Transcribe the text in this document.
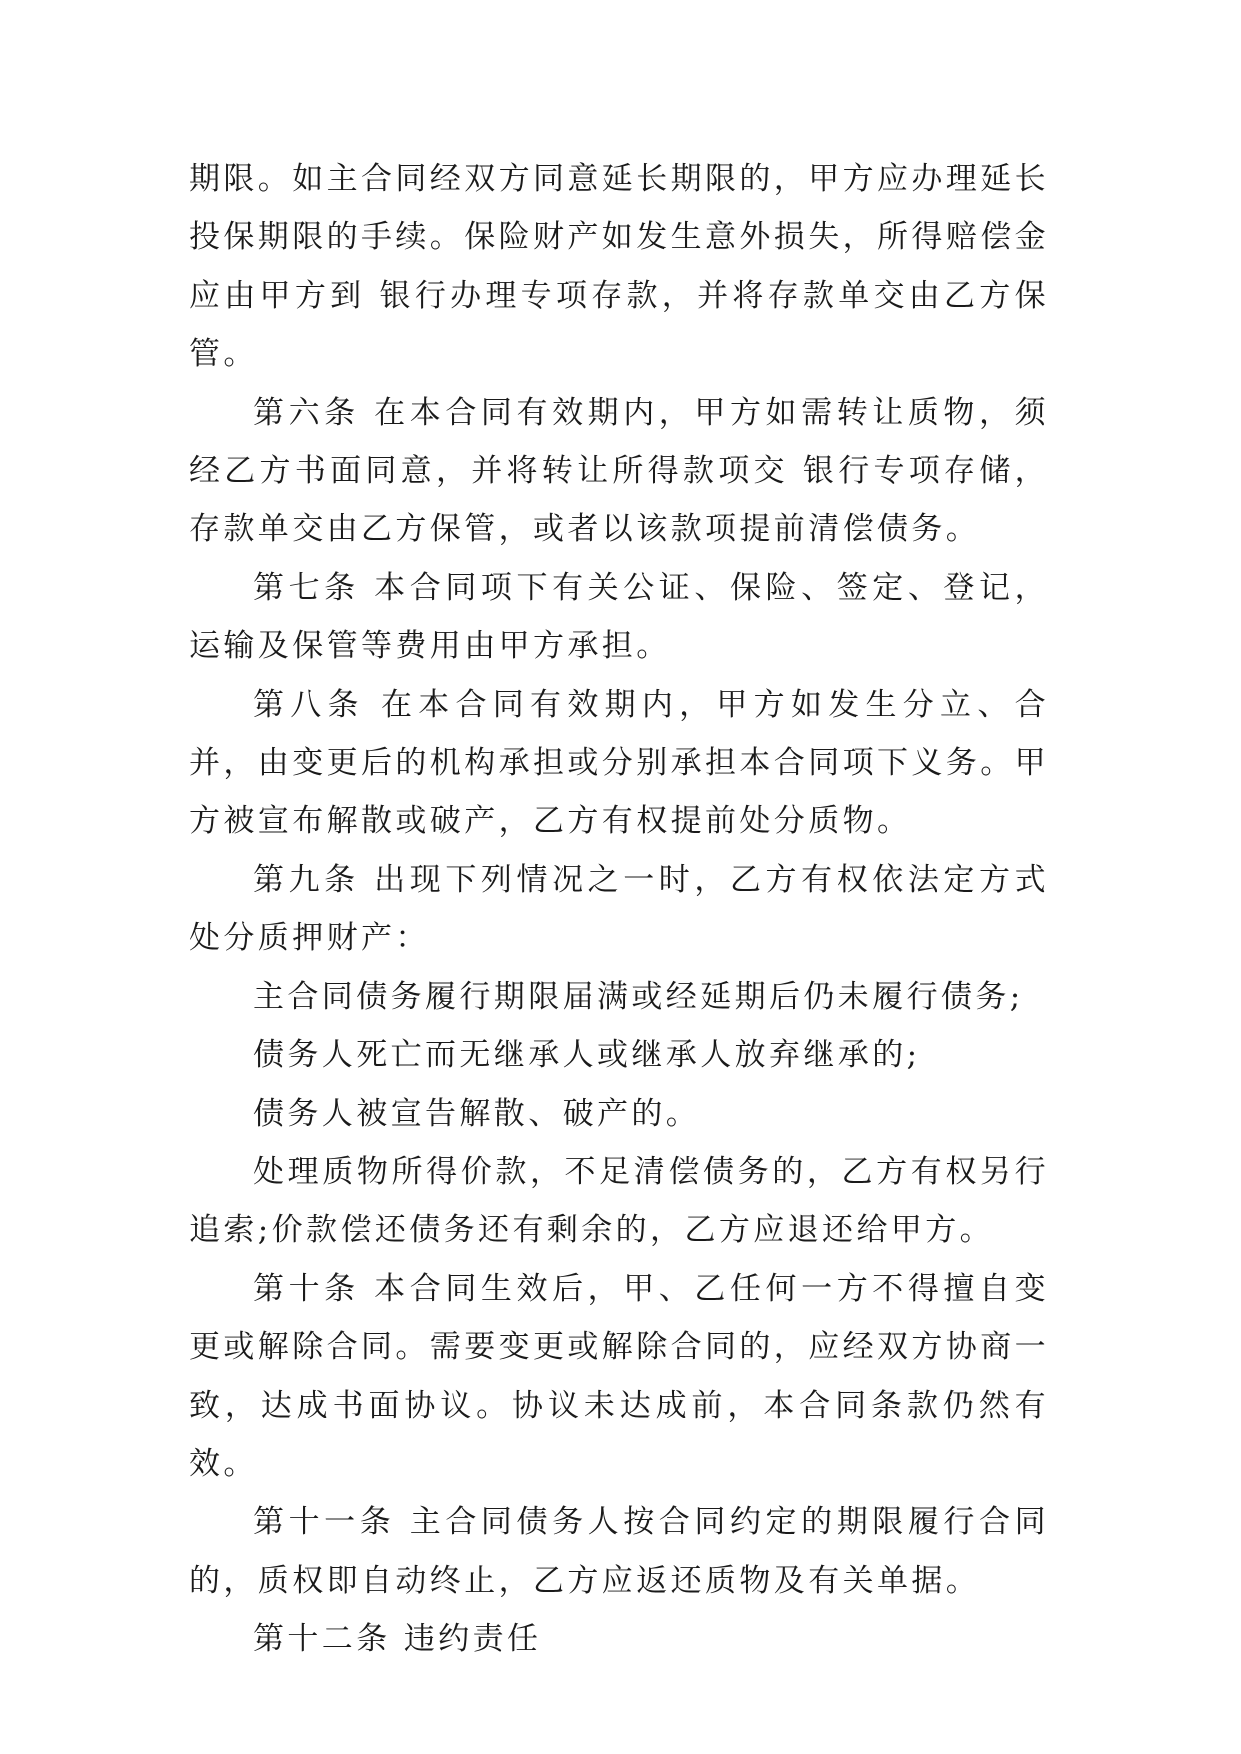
期限。如主合同经双方同意延长期限的，甲方应办理延长投保期限的手续。保险财产如发生意外损失，所得赔偿金应由甲方到 银行办理专项存款，并将存款单交由乙方保管。

第六条 在本合同有效期内，甲方如需转让质物，须经乙方书面同意，并将转让所得款项交 银行专项存储，存款单交由乙方保管，或者以该款项提前清偿债务。

第七条 本合同项下有关公证、保险、签定、登记，运输及保管等费用由甲方承担。

第八条 在本合同有效期内，甲方如发生分立、合并，由变更后的机构承担或分别承担本合同项下义务。甲方被宣布解散或破产，乙方有权提前处分质物。

第九条 出现下列情况之一时，乙方有权依法定方式处分质押财产：

主合同债务履行期限届满或经延期后仍未履行债务;

债务人死亡而无继承人或继承人放弃继承的;

债务人被宣告解散、破产的。

处理质物所得价款，不足清偿债务的，乙方有权另行追索;价款偿还债务还有剩余的，乙方应退还给甲方。

第十条 本合同生效后，甲、乙任何一方不得擅自变更或解除合同。需要变更或解除合同的，应经双方协商一致，达成书面协议。协议未达成前，本合同条款仍然有效。

第十一条 主合同债务人按合同约定的期限履行合同的，质权即自动终止，乙方应返还质物及有关单据。

第十二条 违约责任
